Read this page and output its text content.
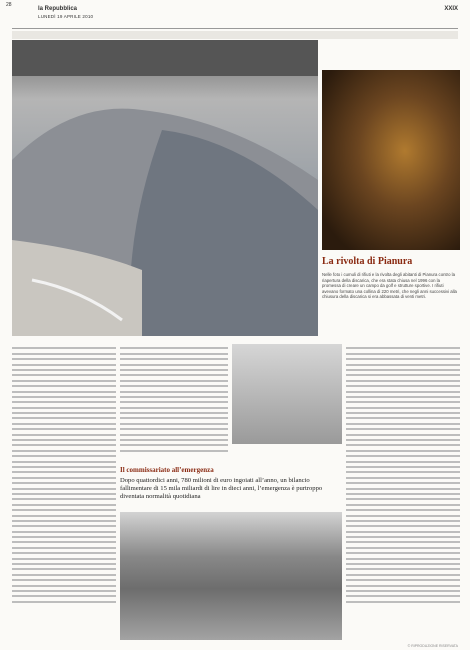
28
la Repubblica
LUNEDÌ 19 APRILE 2010
XXIX
La rivolta di Pianura
Nelle foto i cumuli di rifiuti e la rivolta degli abitanti di Pianura contro la riapertura della discarica, che era stata chiusa nel 1996 con la promessa di creare un campo da golf e strutture sportive. I rifiuti avevano formato una collina di 220 metri, che negli anni successivi alla chiusura della discarica si era abbassata di venti metri.
Il commissariato all’emergenza
Dopo quattordici anni, 780 milioni di euro ingoiati all’anno, un bilancio fallimentare di 15 mila miliardi di lire in dieci anni, l’emergenza è purtroppo diventata normalità quotidiana
© RIPRODUZIONE RISERVATA
